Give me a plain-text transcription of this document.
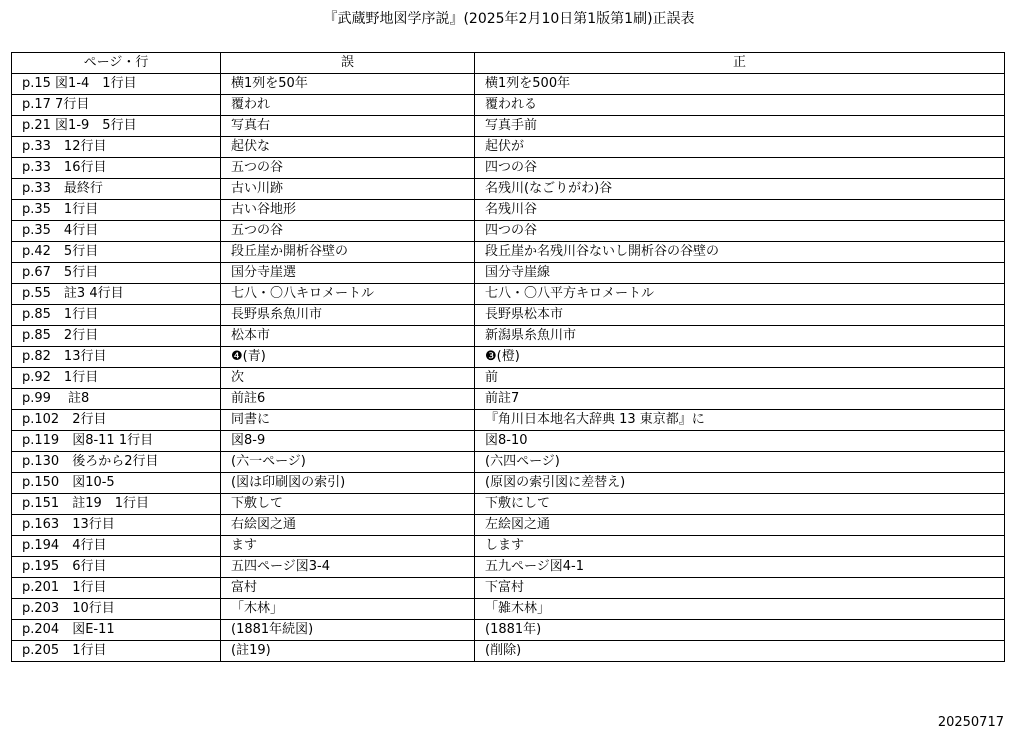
『武蔵野地図学序説』(2025年2月10日第1版第1刷)正誤表
ページ・行	誤	正
p.15 図1-4　1行目	横1列を50年	横1列を500年
p.17 7行目	覆われ	覆われる
p.21 図1-9　5行目	写真右	写真手前
p.33　12行目	起伏な	起伏が
p.33　16行目	五つの谷	四つの谷
p.33　最終行	古い川跡	名残川(なごりがわ)谷
p.35　1行目	古い谷地形	名残川谷
p.35　4行目	五つの谷	四つの谷
p.42　5行目	段丘崖か開析谷壁の	段丘崖か名残川谷ないし開析谷の谷壁の
p.67　5行目	国分寺崖選	国分寺崖線
p.55　註3 4行目	七八・〇八キロメートル	七八・〇八平方キロメートル
p.85　1行目	長野県糸魚川市	長野県松本市
p.85　2行目	松本市	新潟県糸魚川市
p.82　13行目	❹(青)	❸(橙)
p.92　1行目	次	前
p.99　 註8	前註6	前註7
p.102　2行目	同書に	『角川日本地名大辞典 13 東京都』に
p.119　図8-11 1行目	図8-9	図8-10
p.130　後ろから2行目	(六一ページ)	(六四ページ)
p.150　図10-5	(図は印刷図の索引)	(原図の索引図に差替え)
p.151　註19　1行目	下敷して	下敷にして
p.163　13行目	右絵図之通	左絵図之通
p.194　4行目	ます	します
p.195　6行目	五四ページ図3-4	五九ページ図4-1
p.201　1行目	富村	下富村
p.203　10行目	「木林」	「雑木林」
p.204　図E-11	(1881年続図)	(1881年)
p.205　1行目	(註19)	(削除)
20250717
